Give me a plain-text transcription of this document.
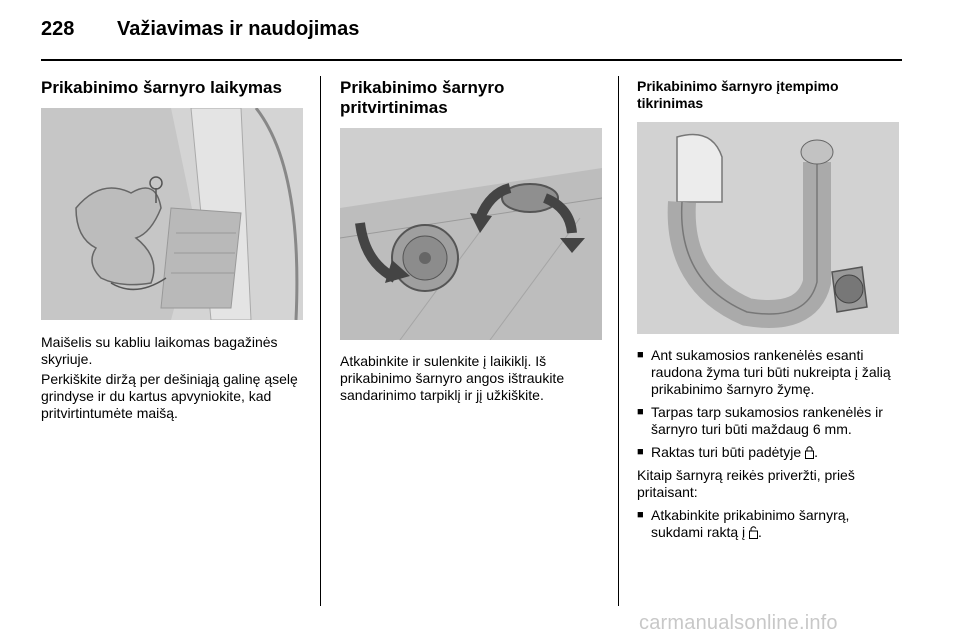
228 Važiavimas ir naudojimas
Prikabinimo šarnyro laikymas

Maišelis su kabliu laikomas bagažinės skyriuje.

Perkiškite diržą per dešiniąją galinę ąselę grindyse ir du kartus apvyniokite, kad pritvirtintumėte maišą.

Prikabinimo šarnyro pritvirtinimas

Atkabinkite ir sulenkite į laikiklį. Iš prikabinimo šarnyro angos ištraukite sandarinimo tarpiklį ir jį užkiškite.

Prikabinimo šarnyro įtempimo tikrinimas
■ Ant sukamosios rankenėlės esanti raudona žyma turi būti nukreipta į žalią prikabinimo šarnyro žymę.
■ Tarpas tarp sukamosios rankenėlės ir šarnyro turi būti maždaug 6 mm.
■ Raktas turi būti padėtyje .

Kitaip šarnyrą reikės priveržti, prieš pritaisant:

■ Atkabinkite prikabinimo šarnyrą, sukdami raktą į .
carmanualsonline.info
